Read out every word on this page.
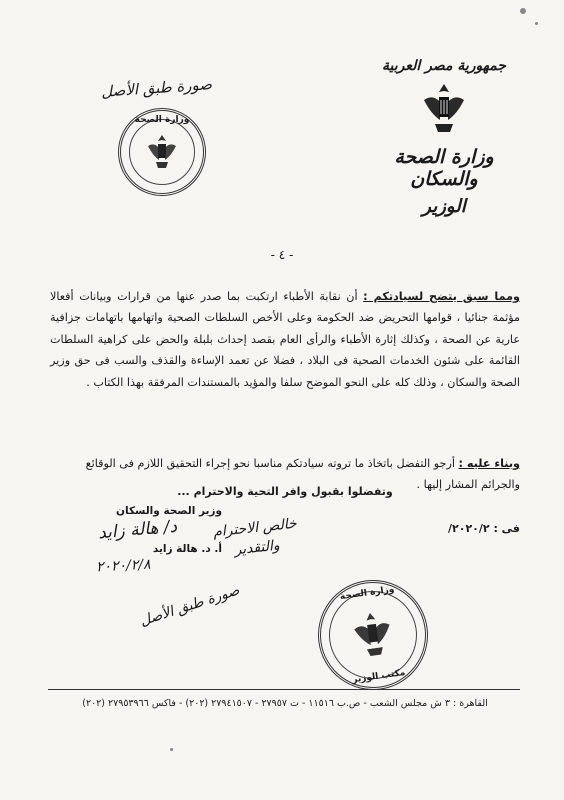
صورة طبق الأصل
وزارة الصحة
جمهورية مصر العربية
وزارة الصحة والسكان
الوزير
- ٤ -

ومما سبق يتضح لسيادتكم : أن نقابة الأطباء ارتكبت بما صدر عنها من قرارات وبيانات أفعالا مؤثمة جنائيا ، قوامها التحريض ضد الحكومة وعلى الأخص السلطات الصحية واتهامها باتهامات جزافية عارية عن الصحة ، وكذلك إثارة الأطباء والرأى العام بقصد إحداث بلبلة والحض على كراهية السلطات القائمة على شئون الخدمات الصحية فى البلاد ، فضلا عن تعمد الإساءة والقذف والسب فى حق وزير الصحة والسكان ، وذلك كله على النحو الموضح سلفا والمؤيد بالمستندات المرفقة بهذا الكتاب .

وبناء عليه : أرجو التفضل باتخاذ ما تروته سيادتكم مناسبا نحو إجراء التحقيق اللازم فى الوقائع والجرائم المشار إليها .
وتفضلوا بقبول وافر التحية والاحترام ...
وزير الصحة والسكان
أ. د. هالة زايد
د/ هالة زايد
٢٠٢٠/٢/٨
فى : ٢٠٢٠/٢/
خالص الاحترام والتقدير
صورة طبق الأصل	وزارة الصحة
مكتب الوزير
القاهرة : ٣ ش مجلس الشعب - ص.ب ١١٥١٦ - ت ٢٧٩٥٧ - ٢٧٩٤١٥٠٧ (٢٠٢) - فاكس ٢٧٩٥٣٩٦٦ (٢٠٢)
